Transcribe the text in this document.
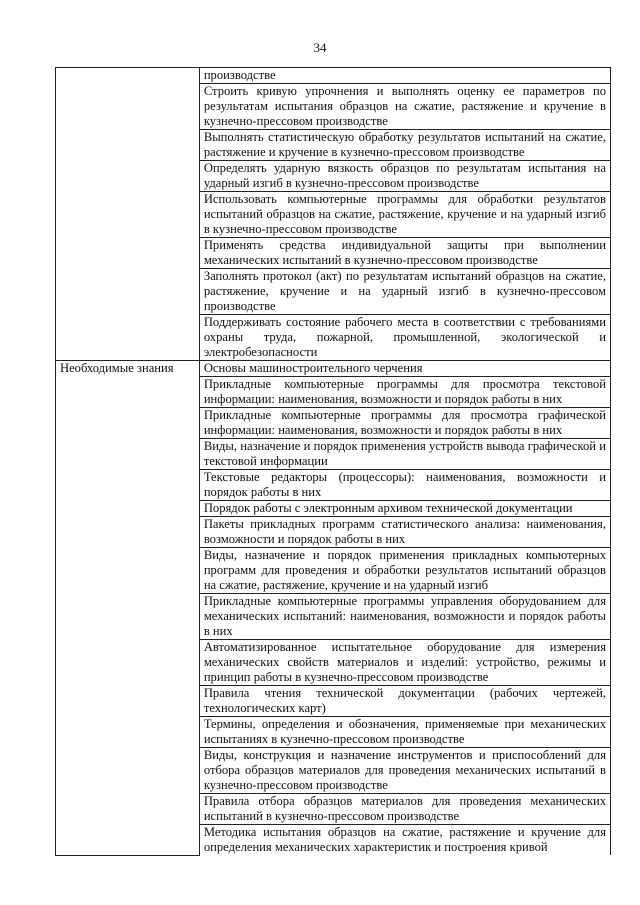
34
	производстве
	Строить кривую упрочнения и выполнять оценку ее параметров по результатам испытания образцов на сжатие, растяжение и кручение в кузнечно-прессовом производстве
	Выполнять статистическую обработку результатов испытаний на сжатие, растяжение и кручение в кузнечно-прессовом производстве
	Определять ударную вязкость образцов по результатам испытания на ударный изгиб в кузнечно-прессовом производстве
	Использовать компьютерные программы для обработки результатов испытаний образцов на сжатие, растяжение, кручение и на ударный изгиб в кузнечно-прессовом производстве
	Применять средства индивидуальной защиты при выполнении механических испытаний в кузнечно-прессовом производстве
	Заполнять протокол (акт) по результатам испытаний образцов на сжатие, растяжение, кручение и на ударный изгиб в кузнечно-прессовом производстве
	Поддерживать состояние рабочего места в соответствии с требованиями охраны труда, пожарной, промышленной, экологической и электробезопасности
Необходимые знания	Основы машиностроительного черчения
	Прикладные компьютерные программы для просмотра текстовой информации: наименования, возможности и порядок работы в них
	Прикладные компьютерные программы для просмотра графической информации: наименования, возможности и порядок работы в них
	Виды, назначение и порядок применения устройств вывода графической и текстовой информации
	Текстовые редакторы (процессоры): наименования, возможности и порядок работы в них
	Порядок работы с электронным архивом технической документации
	Пакеты прикладных программ статистического анализа: наименования, возможности и порядок работы в них
	Виды, назначение и порядок применения прикладных компьютерных программ для проведения и обработки результатов испытаний образцов на сжатие, растяжение, кручение и на ударный изгиб
	Прикладные компьютерные программы управления оборудованием для механических испытаний: наименования, возможности и порядок работы в них
	Автоматизированное испытательное оборудование для измерения механических свойств материалов и изделий: устройство, режимы и принцип работы в кузнечно-прессовом производстве
	Правила чтения технической документации (рабочих чертежей, технологических карт)
	Термины, определения и обозначения, применяемые при механических испытаниях в кузнечно-прессовом производстве
	Виды, конструкция и назначение инструментов и приспособлений для отбора образцов материалов для проведения механических испытаний в кузнечно-прессовом производстве
	Правила отбора образцов материалов для проведения механических испытаний в кузнечно-прессовом производстве
	Методика испытания образцов на сжатие, растяжение и кручение для определения механических характеристик и построения кривой
